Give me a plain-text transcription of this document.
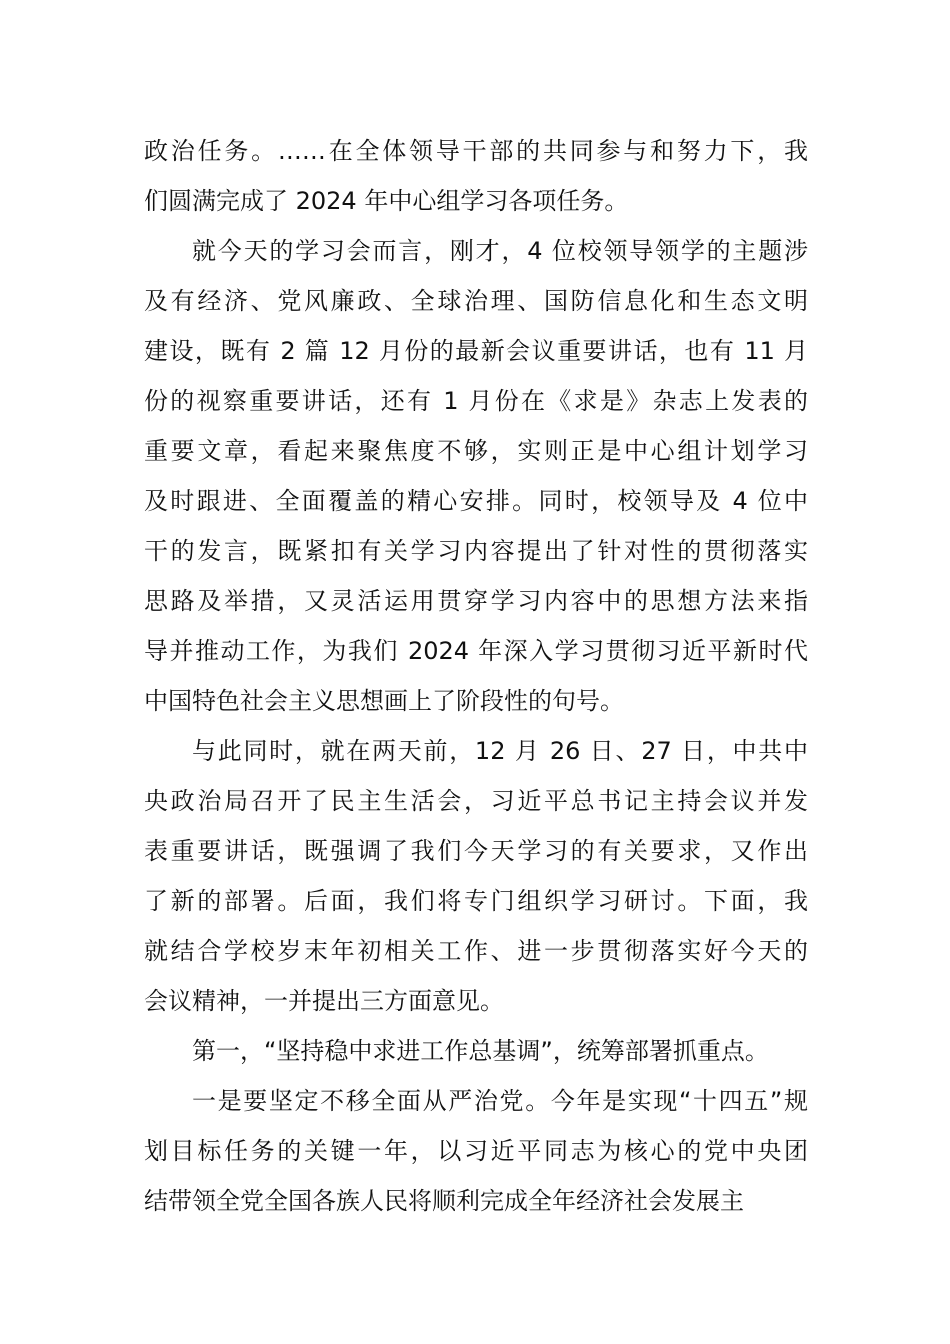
政治任务。……在全体领导干部的共同参与和努力下，我
们圆满完成了 2024 年中心组学习各项任务。
就今天的学习会而言，刚才，4 位校领导领学的主题涉
及有经济、党风廉政、全球治理、国防信息化和生态文明
建设，既有 2 篇 12 月份的最新会议重要讲话，也有 11 月
份的视察重要讲话，还有 1 月份在《求是》杂志上发表的
重要文章，看起来聚焦度不够，实则正是中心组计划学习
及时跟进、全面覆盖的精心安排。同时，校领导及 4 位中
干的发言，既紧扣有关学习内容提出了针对性的贯彻落实
思路及举措，又灵活运用贯穿学习内容中的思想方法来指
导并推动工作，为我们 2024 年深入学习贯彻习近平新时代
中国特色社会主义思想画上了阶段性的句号。
与此同时，就在两天前，12 月 26 日、27 日，中共中
央政治局召开了民主生活会，习近平总书记主持会议并发
表重要讲话，既强调了我们今天学习的有关要求，又作出
了新的部署。后面，我们将专门组织学习研讨。下面，我
就结合学校岁末年初相关工作、进一步贯彻落实好今天的
会议精神，一并提出三方面意见。
第一，“坚持稳中求进工作总基调”，统筹部署抓重点。
一是要坚定不移全面从严治党。今年是实现“十四五”规
划目标任务的关键一年，以习近平同志为核心的党中央团
结带领全党全国各族人民将顺利完成全年经济社会发展主
